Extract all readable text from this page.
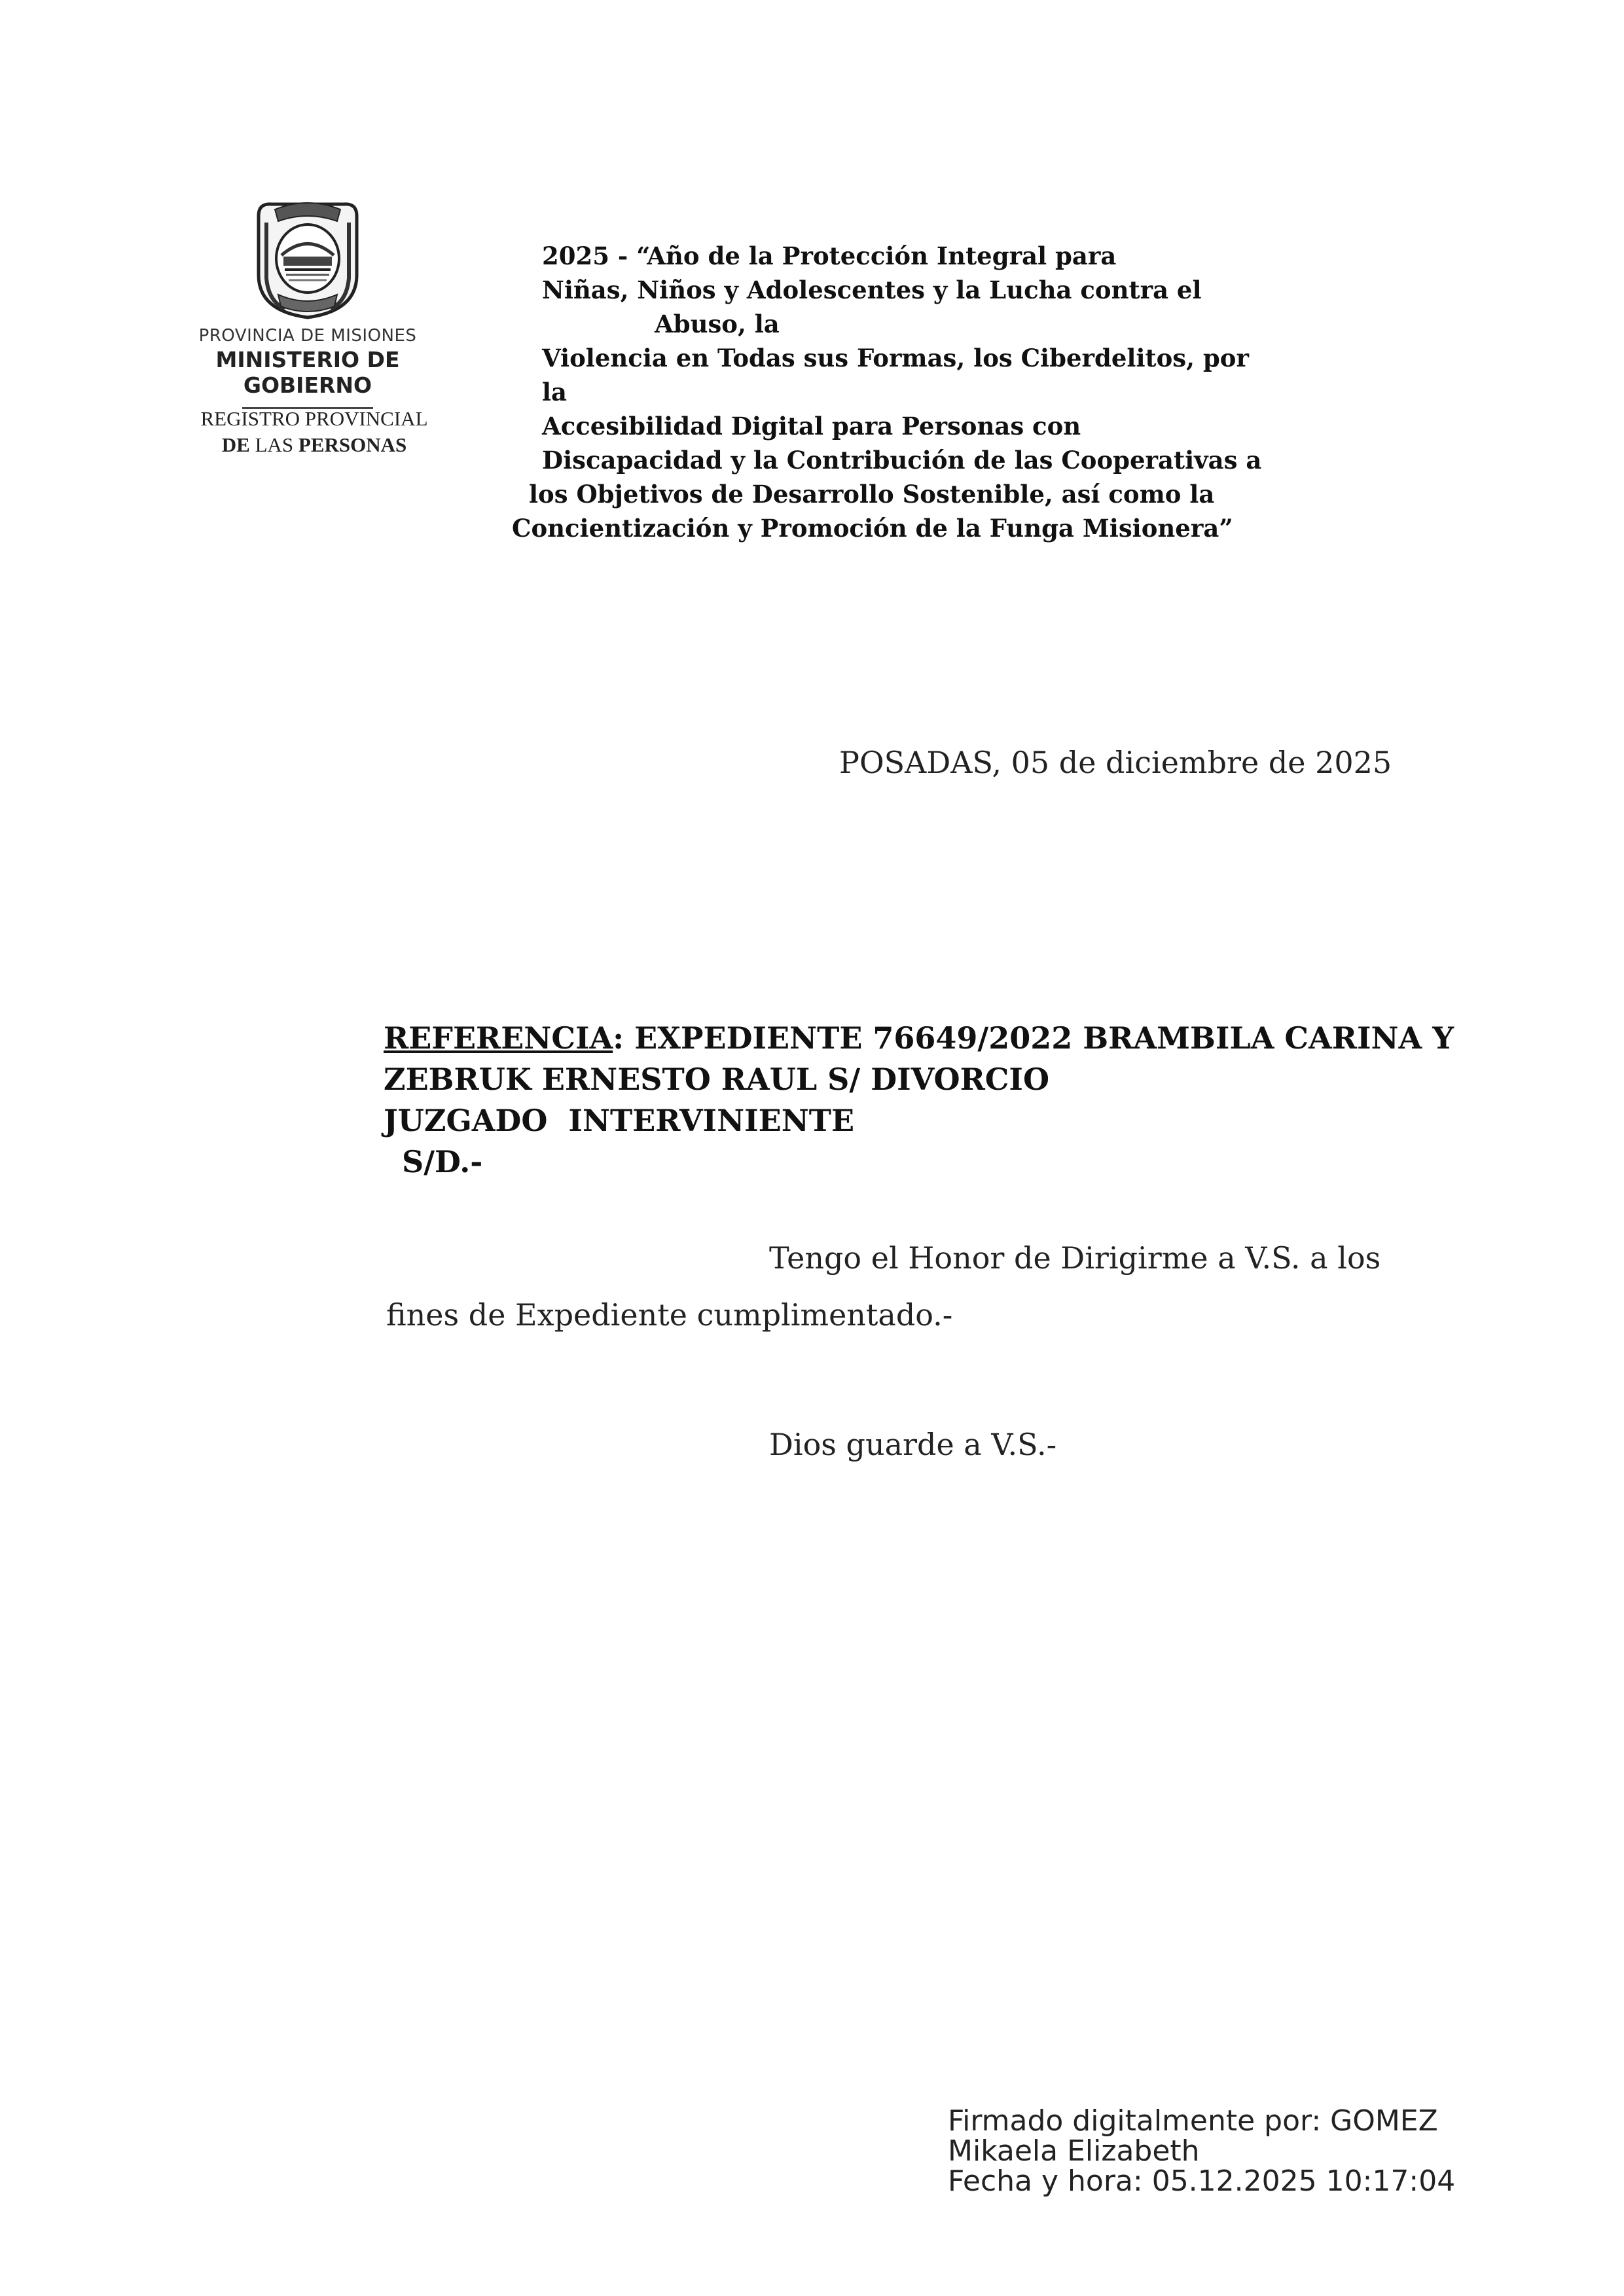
PROVINCIA DE MISIONES
MINISTERIO DE GOBIERNO
REGISTRO PROVINCIAL
DE LAS PERSONAS
2025 - “Año de la Protección Integral para
Niñas, Niños y Adolescentes y la Lucha contra el
Abuso, la
Violencia en Todas sus Formas, los Ciberdelitos, por
la
Accesibilidad Digital para Personas con
Discapacidad y la Contribución de las Cooperativas a
los Objetivos de Desarrollo Sostenible, así como la
Concientización y Promoción de la Funga Misionera”
POSADAS, 05 de diciembre de 2025
REFERENCIA: EXPEDIENTE 76649/2022 BRAMBILA CARINA Y
ZEBRUK ERNESTO RAUL S/ DIVORCIO
JUZGADO  INTERVINIENTE
S/D.-
Tengo el Honor de Dirigirme a V.S. a los
fines de Expediente cumplimentado.-
Dios guarde a V.S.-
Firmado digitalmente por: GOMEZ
Mikaela Elizabeth
Fecha y hora: 05.12.2025 10:17:04
